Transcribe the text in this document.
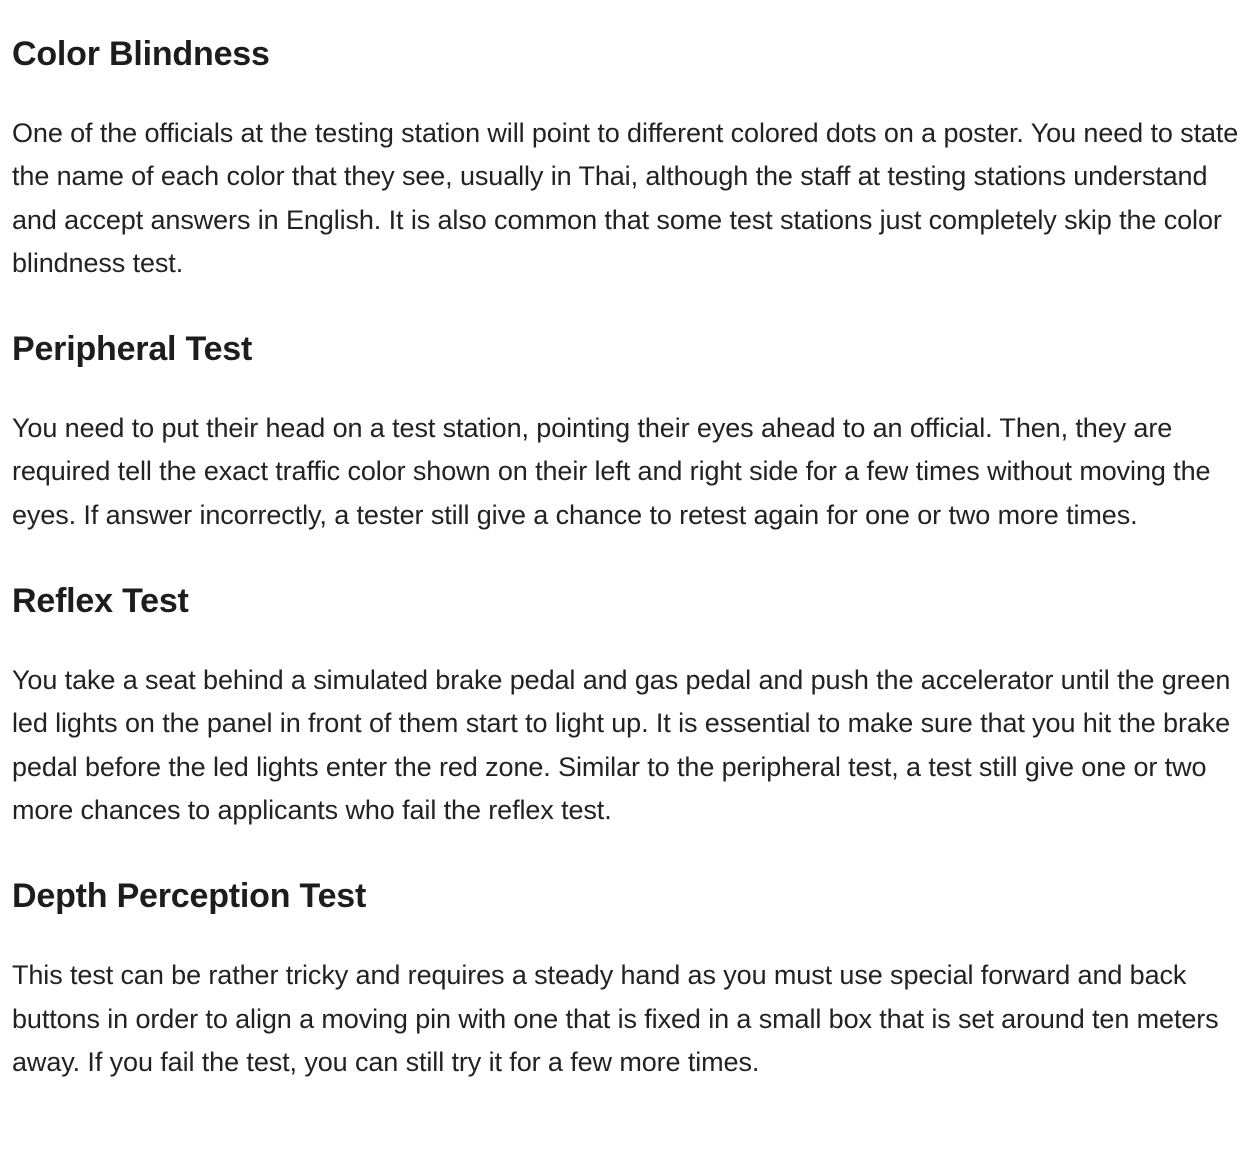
Color Blindness

One of the officials at the testing station will point to different colored dots on a poster. You need to state the name of each color that they see, usually in Thai, although the staff at testing stations understand and accept answers in English. It is also common that some test stations just completely skip the color blindness test.

Peripheral Test

You need to put their head on a test station, pointing their eyes ahead to an official. Then, they are required tell the exact traffic color shown on their left and right side for a few times without moving the eyes. If answer incorrectly, a tester still give a chance to retest again for one or two more times.

Reflex Test

You take a seat behind a simulated brake pedal and gas pedal and push the accelerator until the green led lights on the panel in front of them start to light up. It is essential to make sure that you hit the brake pedal before the led lights enter the red zone. Similar to the peripheral test, a test still give one or two more chances to applicants who fail the reflex test.

Depth Perception Test

This test can be rather tricky and requires a steady hand as you must use special forward and back buttons in order to align a moving pin with one that is fixed in a small box that is set around ten meters away. If you fail the test, you can still try it for a few more times.
